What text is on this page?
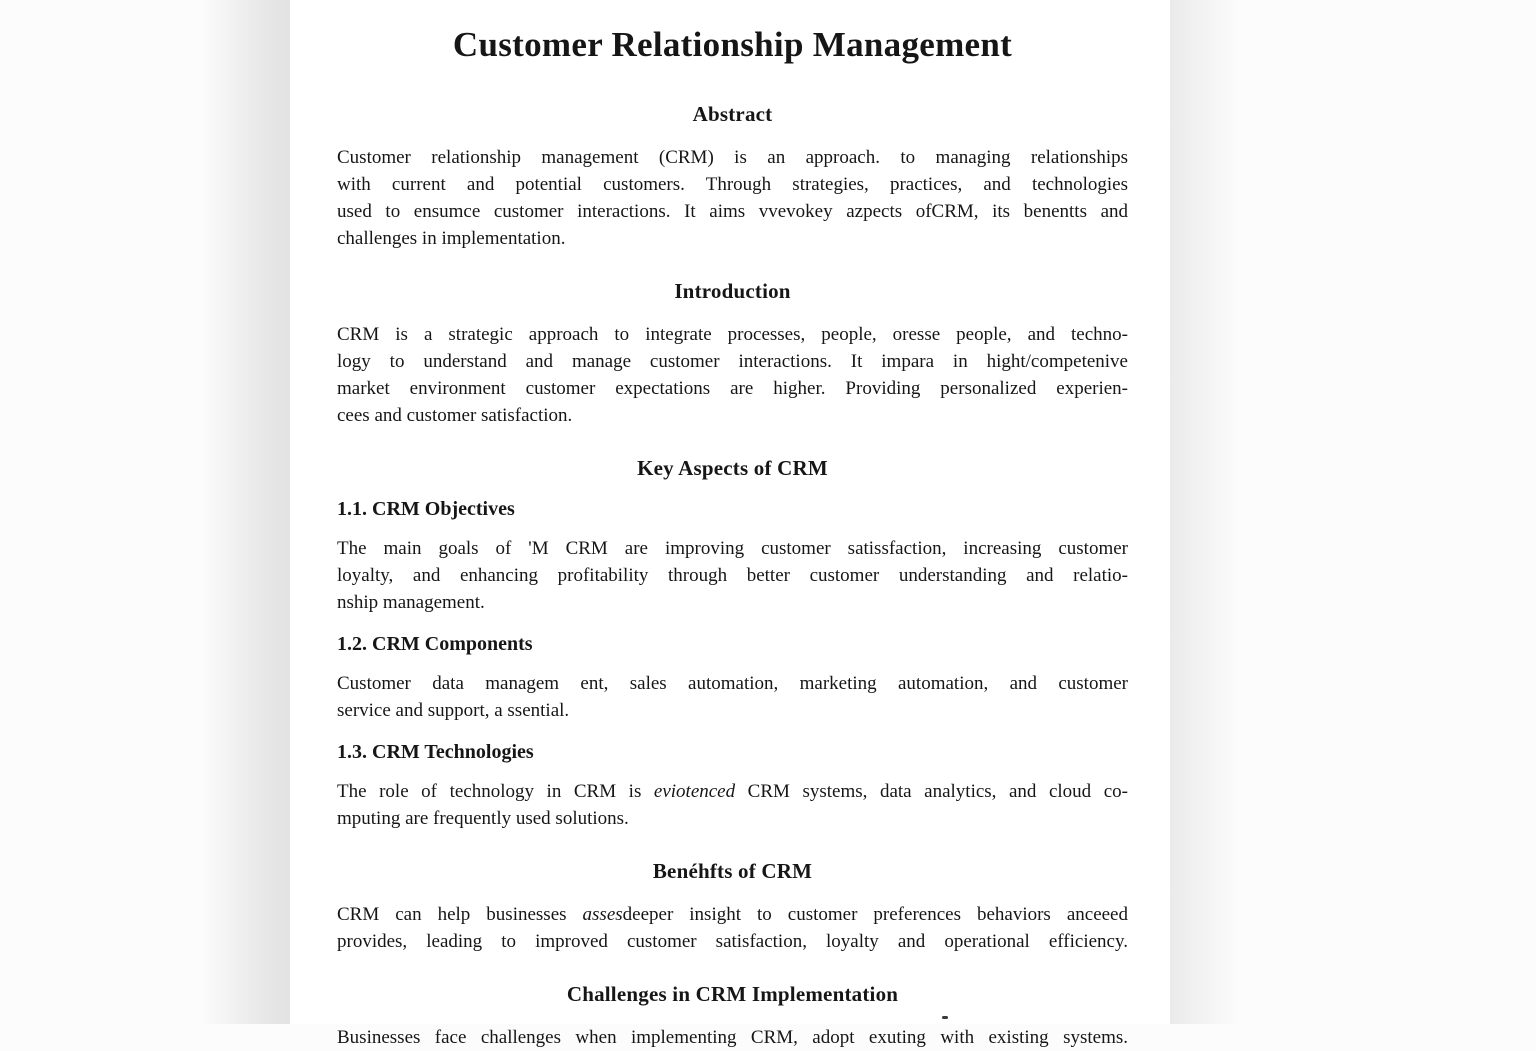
Customer Relationship Management
Abstract
Customer relationship management (CRM) is an approach. to managing relationships
with current and potential customers. Through strategies, practices, and technologies
used to ensumce customer interactions. It aims vvevokey azpects ofCRM, its benentts and
challenges in implementation.
Introduction
CRM is a strategic approach to integrate processes, people, oresse people, and techno-
logy to understand and manage customer interactions. It impara in hight/competenive
market environment customer expectations are higher. Providing personalized experien-
cees and customer satisfaction.
Key Aspects of CRM
1.1. CRM Objectives
The main goals of 'M CRM are improving customer satissfaction, increasing customer
loyalty, and enhancing profitability through better customer understanding and relatio-
nship management.
1.2. CRM Components
Customer data managem ent, sales automation, marketing automation, and customer
service and support, a ssential.
1.3. CRM Technologies
The role of technology in CRM is eviotenced CRM systems, data analytics, and cloud co-
mputing are frequently used solutions.
Benéhfts of CRM
CRM can help businesses assesdeeper insight to customer preferences behaviors anceeed
provides, leading to improved customer satisfaction, loyalty and operational efficiency.
Challenges in CRM Implementation
Businesses face challenges when implementing CRM, adopt exuting with existing systems.
